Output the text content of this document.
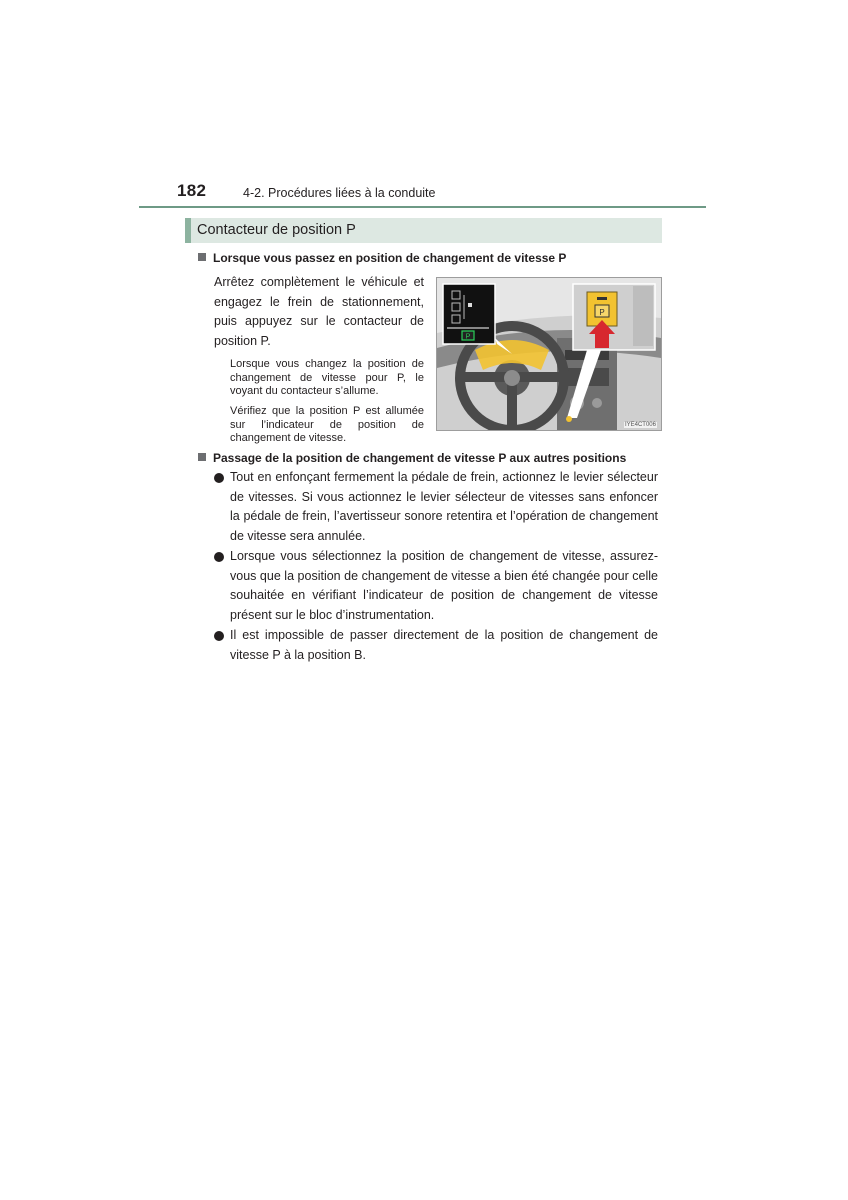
182	4-2. Procédures liées à la conduite
Contacteur de position P
Lorsque vous passez en position de changement de vitesse P

Arrêtez complètement le véhicule et engagez le frein de stationnement, puis appuyez sur le contacteur de position P.

Lorsque vous changez la position de changement de vitesse pour P, le voyant du contacteur s’allume.

Vérifiez que la position P est allumée sur l’indicateur de position de changement de vitesse.

P
P
IYE4CT006
Passage de la position de changement de vitesse P aux autres positions
Tout en enfonçant fermement la pédale de frein, actionnez le levier sélecteur de vitesses. Si vous actionnez le levier sélecteur de vitesses sans enfoncer la pédale de frein, l’avertisseur sonore retentira et l’opération de changement de vitesse sera annulée.
Lorsque vous sélectionnez la position de changement de vitesse, assurez-vous que la position de changement de vitesse a bien été changée pour celle souhaitée en vérifiant l’indicateur de position de changement de vitesse présent sur le bloc d’instrumentation.
Il est impossible de passer directement de la position de changement de vitesse P à la position B.
